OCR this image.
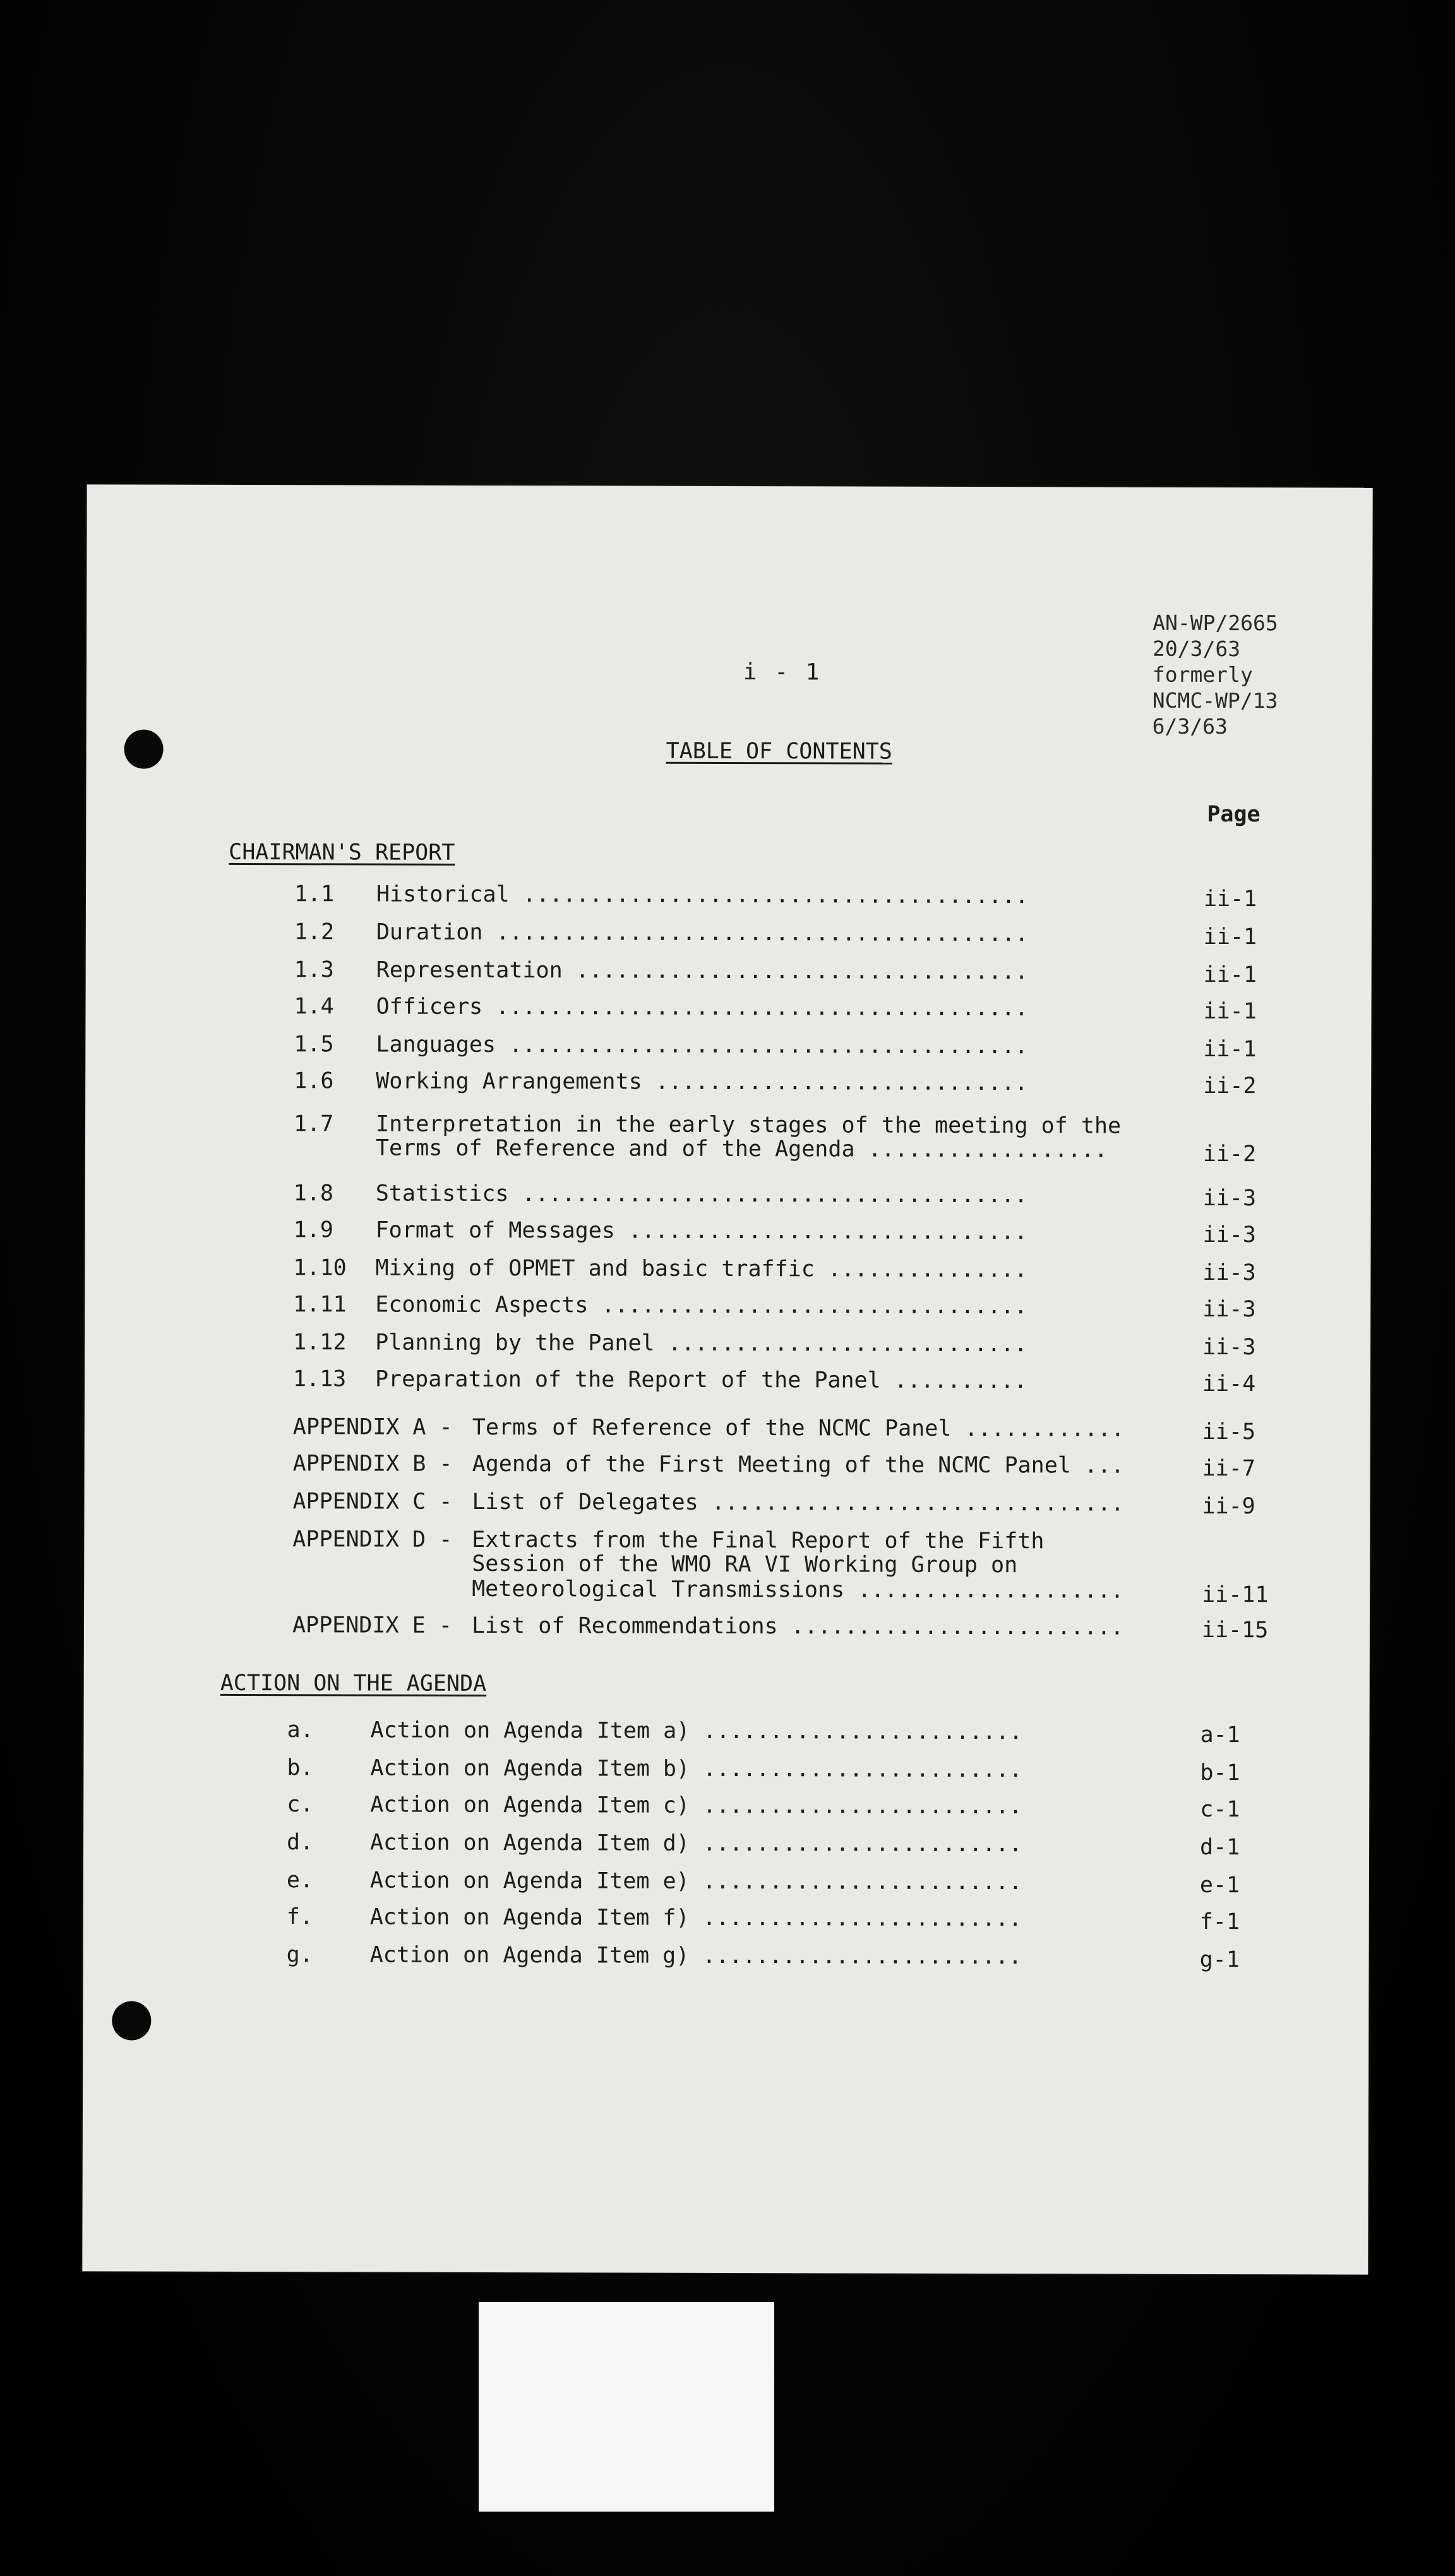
AN-WP/2665
20/3/63
formerly
NCMC-WP/13
6/3/63
i - 1
TABLE OF CONTENTS
Page
CHAIRMAN'S REPORT
1.1 Historical ......................................	ii-1
1.2 Duration ........................................	ii-1
1.3 Representation ..................................	ii-1
1.4 Officers ........................................	ii-1
1.5 Languages .......................................	ii-1
1.6 Working Arrangements ............................	ii-2
1.7 Interpretation in the early stages of the meeting of the
Terms of Reference and of the Agenda ..................	ii-2
1.8 Statistics ......................................	ii-3
1.9 Format of Messages ..............................	ii-3
1.10 Mixing of OPMET and basic traffic ...............	ii-3
1.11 Economic Aspects ................................	ii-3
1.12 Planning by the Panel ...........................	ii-3
1.13 Preparation of the Report of the Panel ..........	ii-4
APPENDIX A - Terms of Reference of the NCMC Panel ............	ii-5
APPENDIX B - Agenda of the First Meeting of the NCMC Panel ...	ii-7
APPENDIX C - List of Delegates ...............................	ii-9
APPENDIX D - Extracts from the Final Report of the Fifth
Session of the WMO RA VI Working Group on
Meteorological Transmissions ....................	ii-11
APPENDIX E - List of Recommendations .........................	ii-15
ACTION ON THE AGENDA
a.	Action on Agenda Item a) ........................	a-1
b.	Action on Agenda Item b) ........................	b-1
c.	Action on Agenda Item c) ........................	c-1
d.	Action on Agenda Item d) ........................	d-1
e.	Action on Agenda Item e) ........................	e-1
f.	Action on Agenda Item f) ........................	f-1
g.	Action on Agenda Item g) ........................	g-1
